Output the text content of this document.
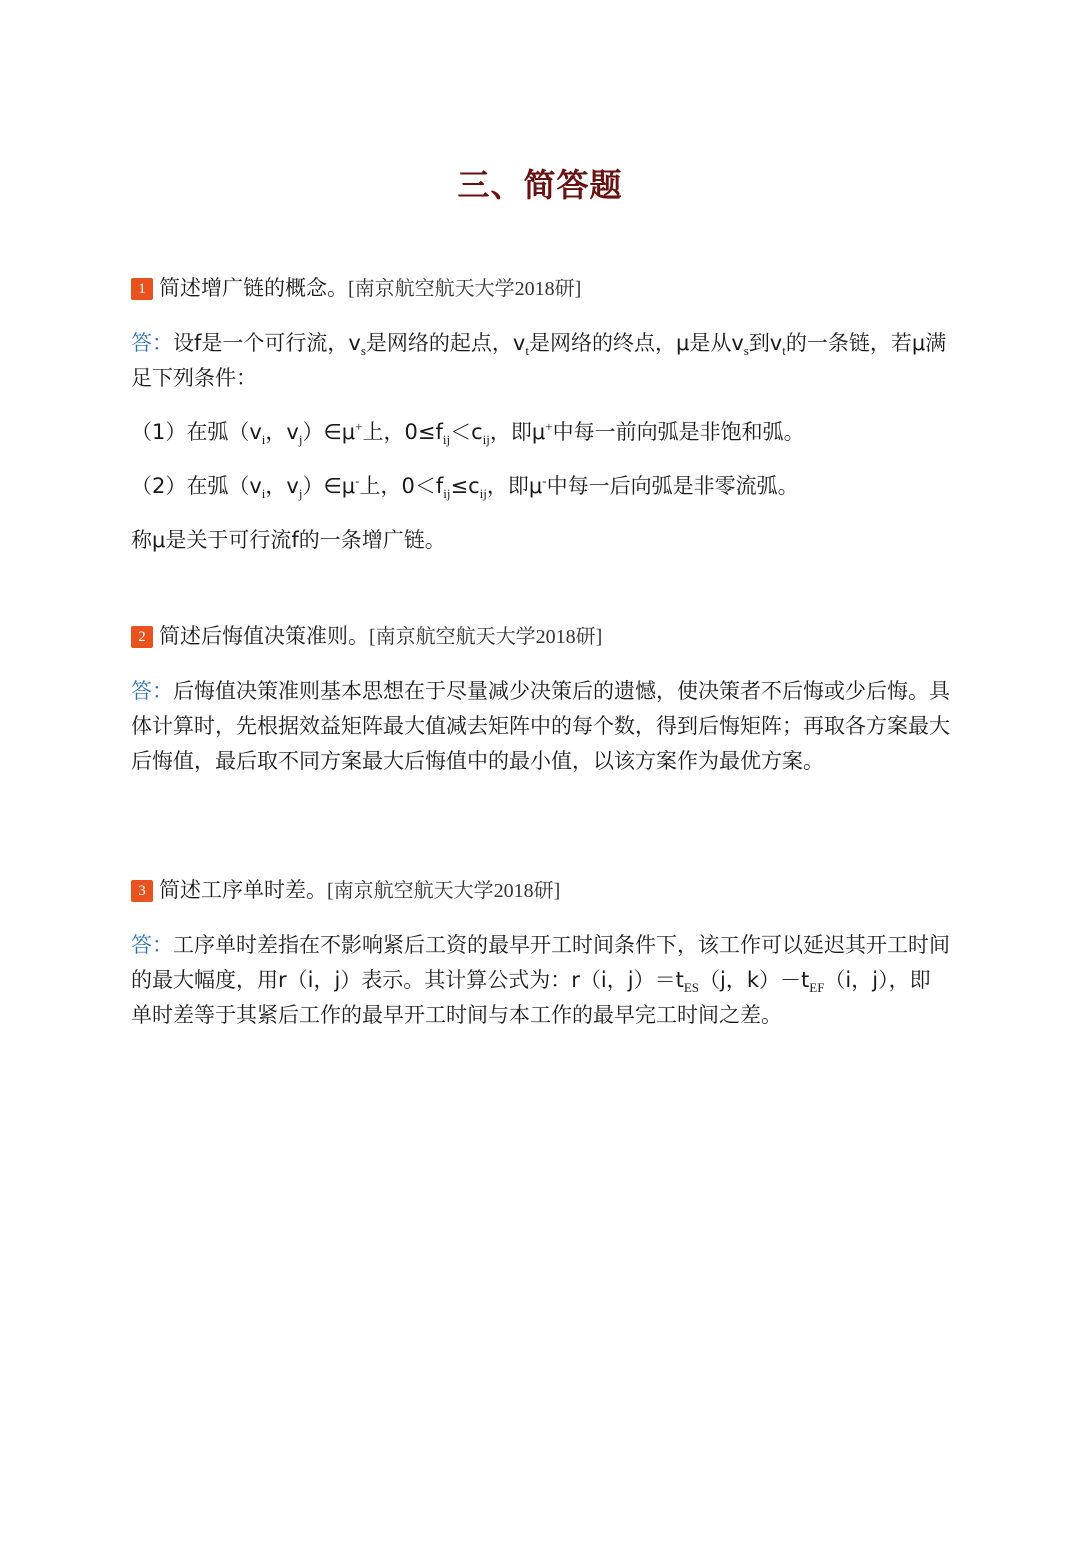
三、简答题
1 简述增广链的概念。[南京航空航天大学2018研]

答：设f是一个可行流，$v_s$是网络的起点，$v_t$是网络的终点，μ是从$v_s$到$v_t$的一条链，若μ满足下列条件：

（1）在弧（$v_i$，$v_j)\in\mu^+$上，$0\le f_{ij}<c_{ij}$，即μ+中每一前向弧是非饱和弧。

（2）在弧（$v_i$，$v_j)\in\mu^-$上，$0<f_{ij}\le c_{ij}$，即μ-中每一后向弧是非零流弧。

称μ是关于可行流f的一条增广链。

2 简述后悔值决策准则。[南京航空航天大学2018研]

答：后悔值决策准则基本思想在于尽量减少决策后的遗憾，使决策者不后悔或少后悔。具体计算时，先根据效益矩阵最大值减去矩阵中的每个数，得到后悔矩阵；再取各方案最大后悔值，最后取不同方案最大后悔值中的最小值，以该方案作为最优方案。

3 简述工序单时差。[南京航空航天大学2018研]

答：工序单时差指在不影响紧后工资的最早开工时间条件下，该工作可以延迟其开工时间的最大幅度，用r（i，j）表示。其计算公式为：r（i，$j)=t_{ES}(j$，$k)-t_{EF}(i$，j），即单时差等于其紧后工作的最早开工时间与本工作的最早完工时间之差。
